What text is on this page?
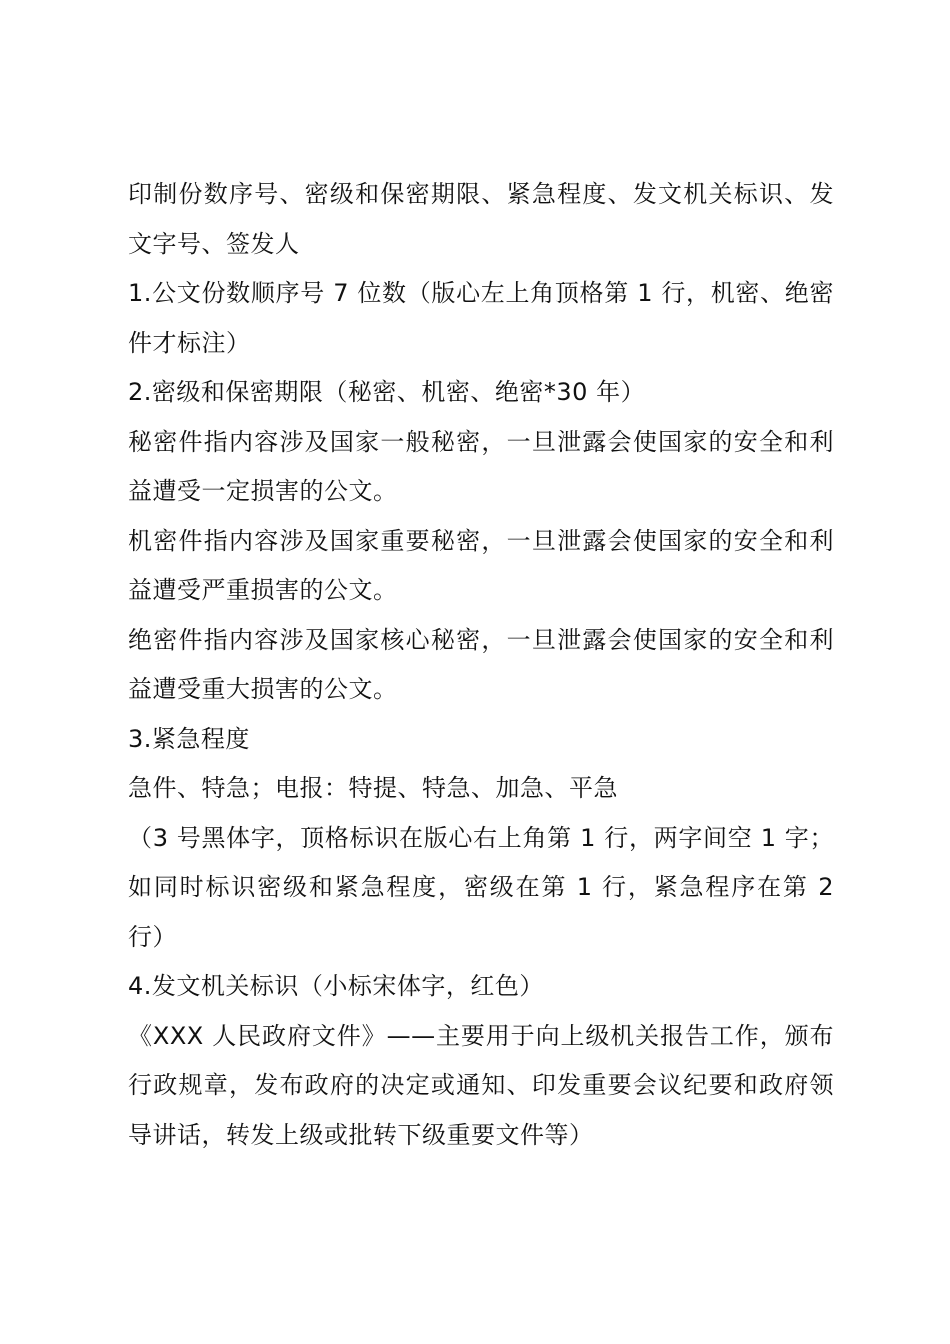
印制份数序号、密级和保密期限、紧急程度、发文机关标识、发文字号、签发人

1.公文份数顺序号 7 位数（版心左上角顶格第 1 行，机密、绝密件才标注）

2.密级和保密期限（秘密、机密、绝密*30 年）

秘密件指内容涉及国家一般秘密，一旦泄露会使国家的安全和利益遭受一定损害的公文。

机密件指内容涉及国家重要秘密，一旦泄露会使国家的安全和利益遭受严重损害的公文。

绝密件指内容涉及国家核心秘密，一旦泄露会使国家的安全和利益遭受重大损害的公文。

3.紧急程度

急件、特急；电报：特提、特急、加急、平急

（3 号黑体字，顶格标识在版心右上角第 1 行，两字间空 1 字；如同时标识密级和紧急程度，密级在第 1 行，紧急程序在第 2 行）

4.发文机关标识（小标宋体字，红色）

《XXX 人民政府文件》——主要用于向上级机关报告工作，颁布行政规章，发布政府的决定或通知、印发重要会议纪要和政府领导讲话，转发上级或批转下级重要文件等）
